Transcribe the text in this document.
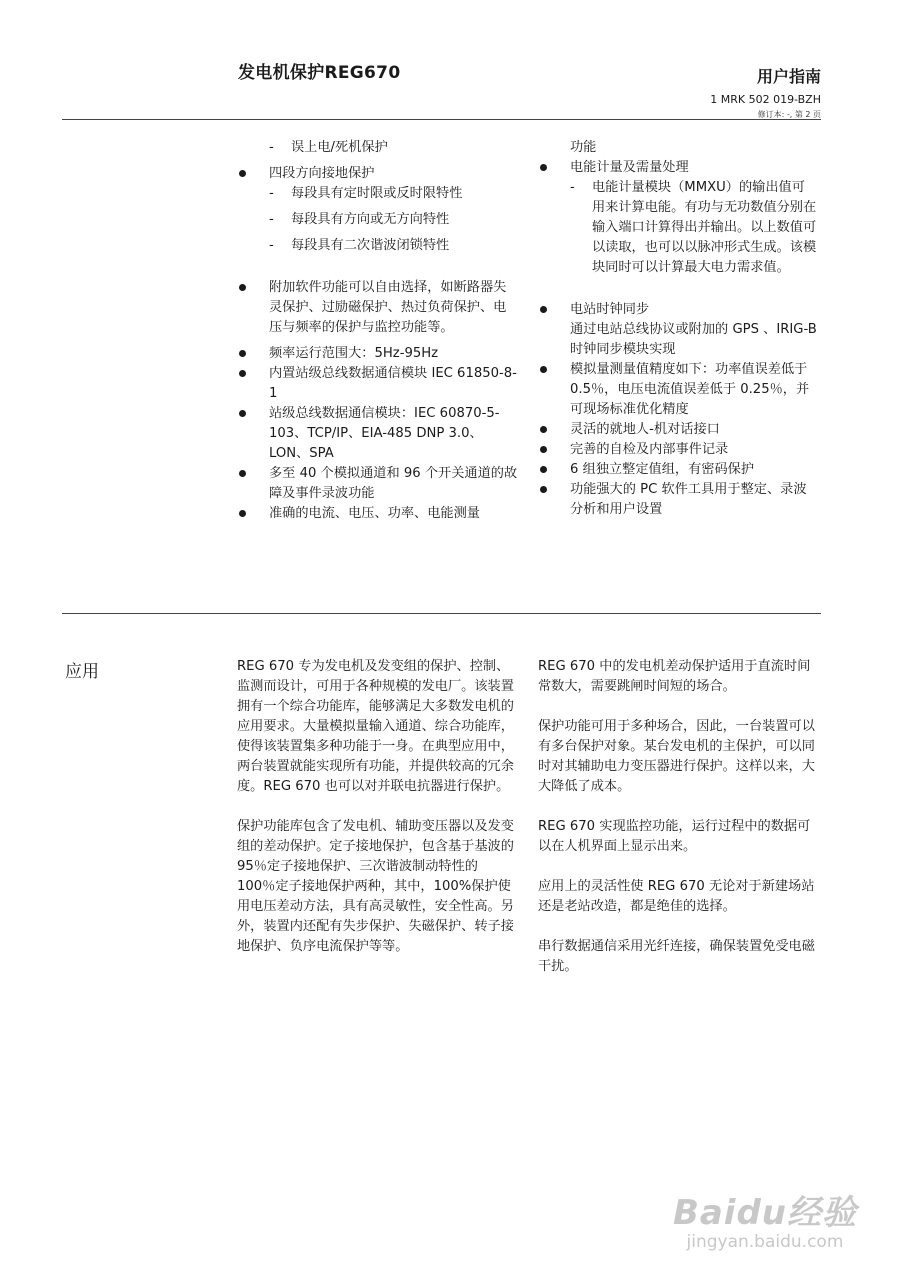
发电机保护REG670	用户指南
1 MRK 502 019-BZH
修订本: -, 第 2 页
- 误上电/死机保护
四段方向接地保护
- 每段具有定时限或反时限特性
- 每段具有方向或无方向特性
- 每段具有二次谐波闭锁特性
附加软件功能可以自由选择，如断路器失灵保护、过励磁保护、热过负荷保护、电压与频率的保护与监控功能等。
频率运行范围大：5Hz-95Hz
内置站级总线数据通信模块 IEC 61850-8-1
站级总线数据通信模块：IEC 60870-5-103、TCP/IP、EIA-485 DNP 3.0、 LON、SPA
多至 40 个模拟通道和 96 个开关通道的故障及事件录波功能
准确的电流、电压、功率、电能测量
功能
电能计量及需量处理
- 电能计量模块（MMXU）的输出值可用来计算电能。有功与无功数值分别在输入端口计算得出并输出。以上数值可以读取，也可以以脉冲形式生成。该模块同时可以计算最大电力需求值。
电站时钟同步
通过电站总线协议或附加的 GPS 、IRIG-B 时钟同步模块实现
模拟量测量值精度如下：功率值误差低于 0.5％，电压电流值误差低于 0.25％，并可现场标准优化精度
灵活的就地人-机对话接口
完善的自检及内部事件记录
6 组独立整定值组，有密码保护
功能强大的 PC 软件工具用于整定、录波分析和用户设置
应用	REG 670 专为发电机及发变组的保护、控制、监测而设计，可用于各种规模的发电厂。该装置拥有一个综合功能库，能够满足大多数发电机的应用要求。大量模拟量输入通道、综合功能库，使得该装置集多种功能于一身。在典型应用中，两台装置就能实现所有功能，并提供较高的冗余度。REG 670 也可以对并联电抗器进行保护。

保护功能库包含了发电机、辅助变压器以及发变组的差动保护。定子接地保护，包含基于基波的 95％定子接地保护、三次谐波制动特性的 100％定子接地保护两种，其中，100%保护使用电压差动方法，具有高灵敏性，安全性高。另外，装置内还配有失步保护、失磁保护、转子接地保护、负序电流保护等等。

REG 670 中的发电机差动保护适用于直流时间常数大，需要跳闸时间短的场合。

保护功能可用于多种场合，因此，一台装置可以有多台保护对象。某台发电机的主保护，可以同时对其辅助电力变压器进行保护。这样以来，大大降低了成本。

REG 670 实现监控功能，运行过程中的数据可以在人机界面上显示出来。

应用上的灵活性使 REG 670 无论对于新建场站还是老站改造，都是绝佳的选择。

串行数据通信采用光纤连接，确保装置免受电磁干扰。

Baidu经验
jingyan.baidu.com
